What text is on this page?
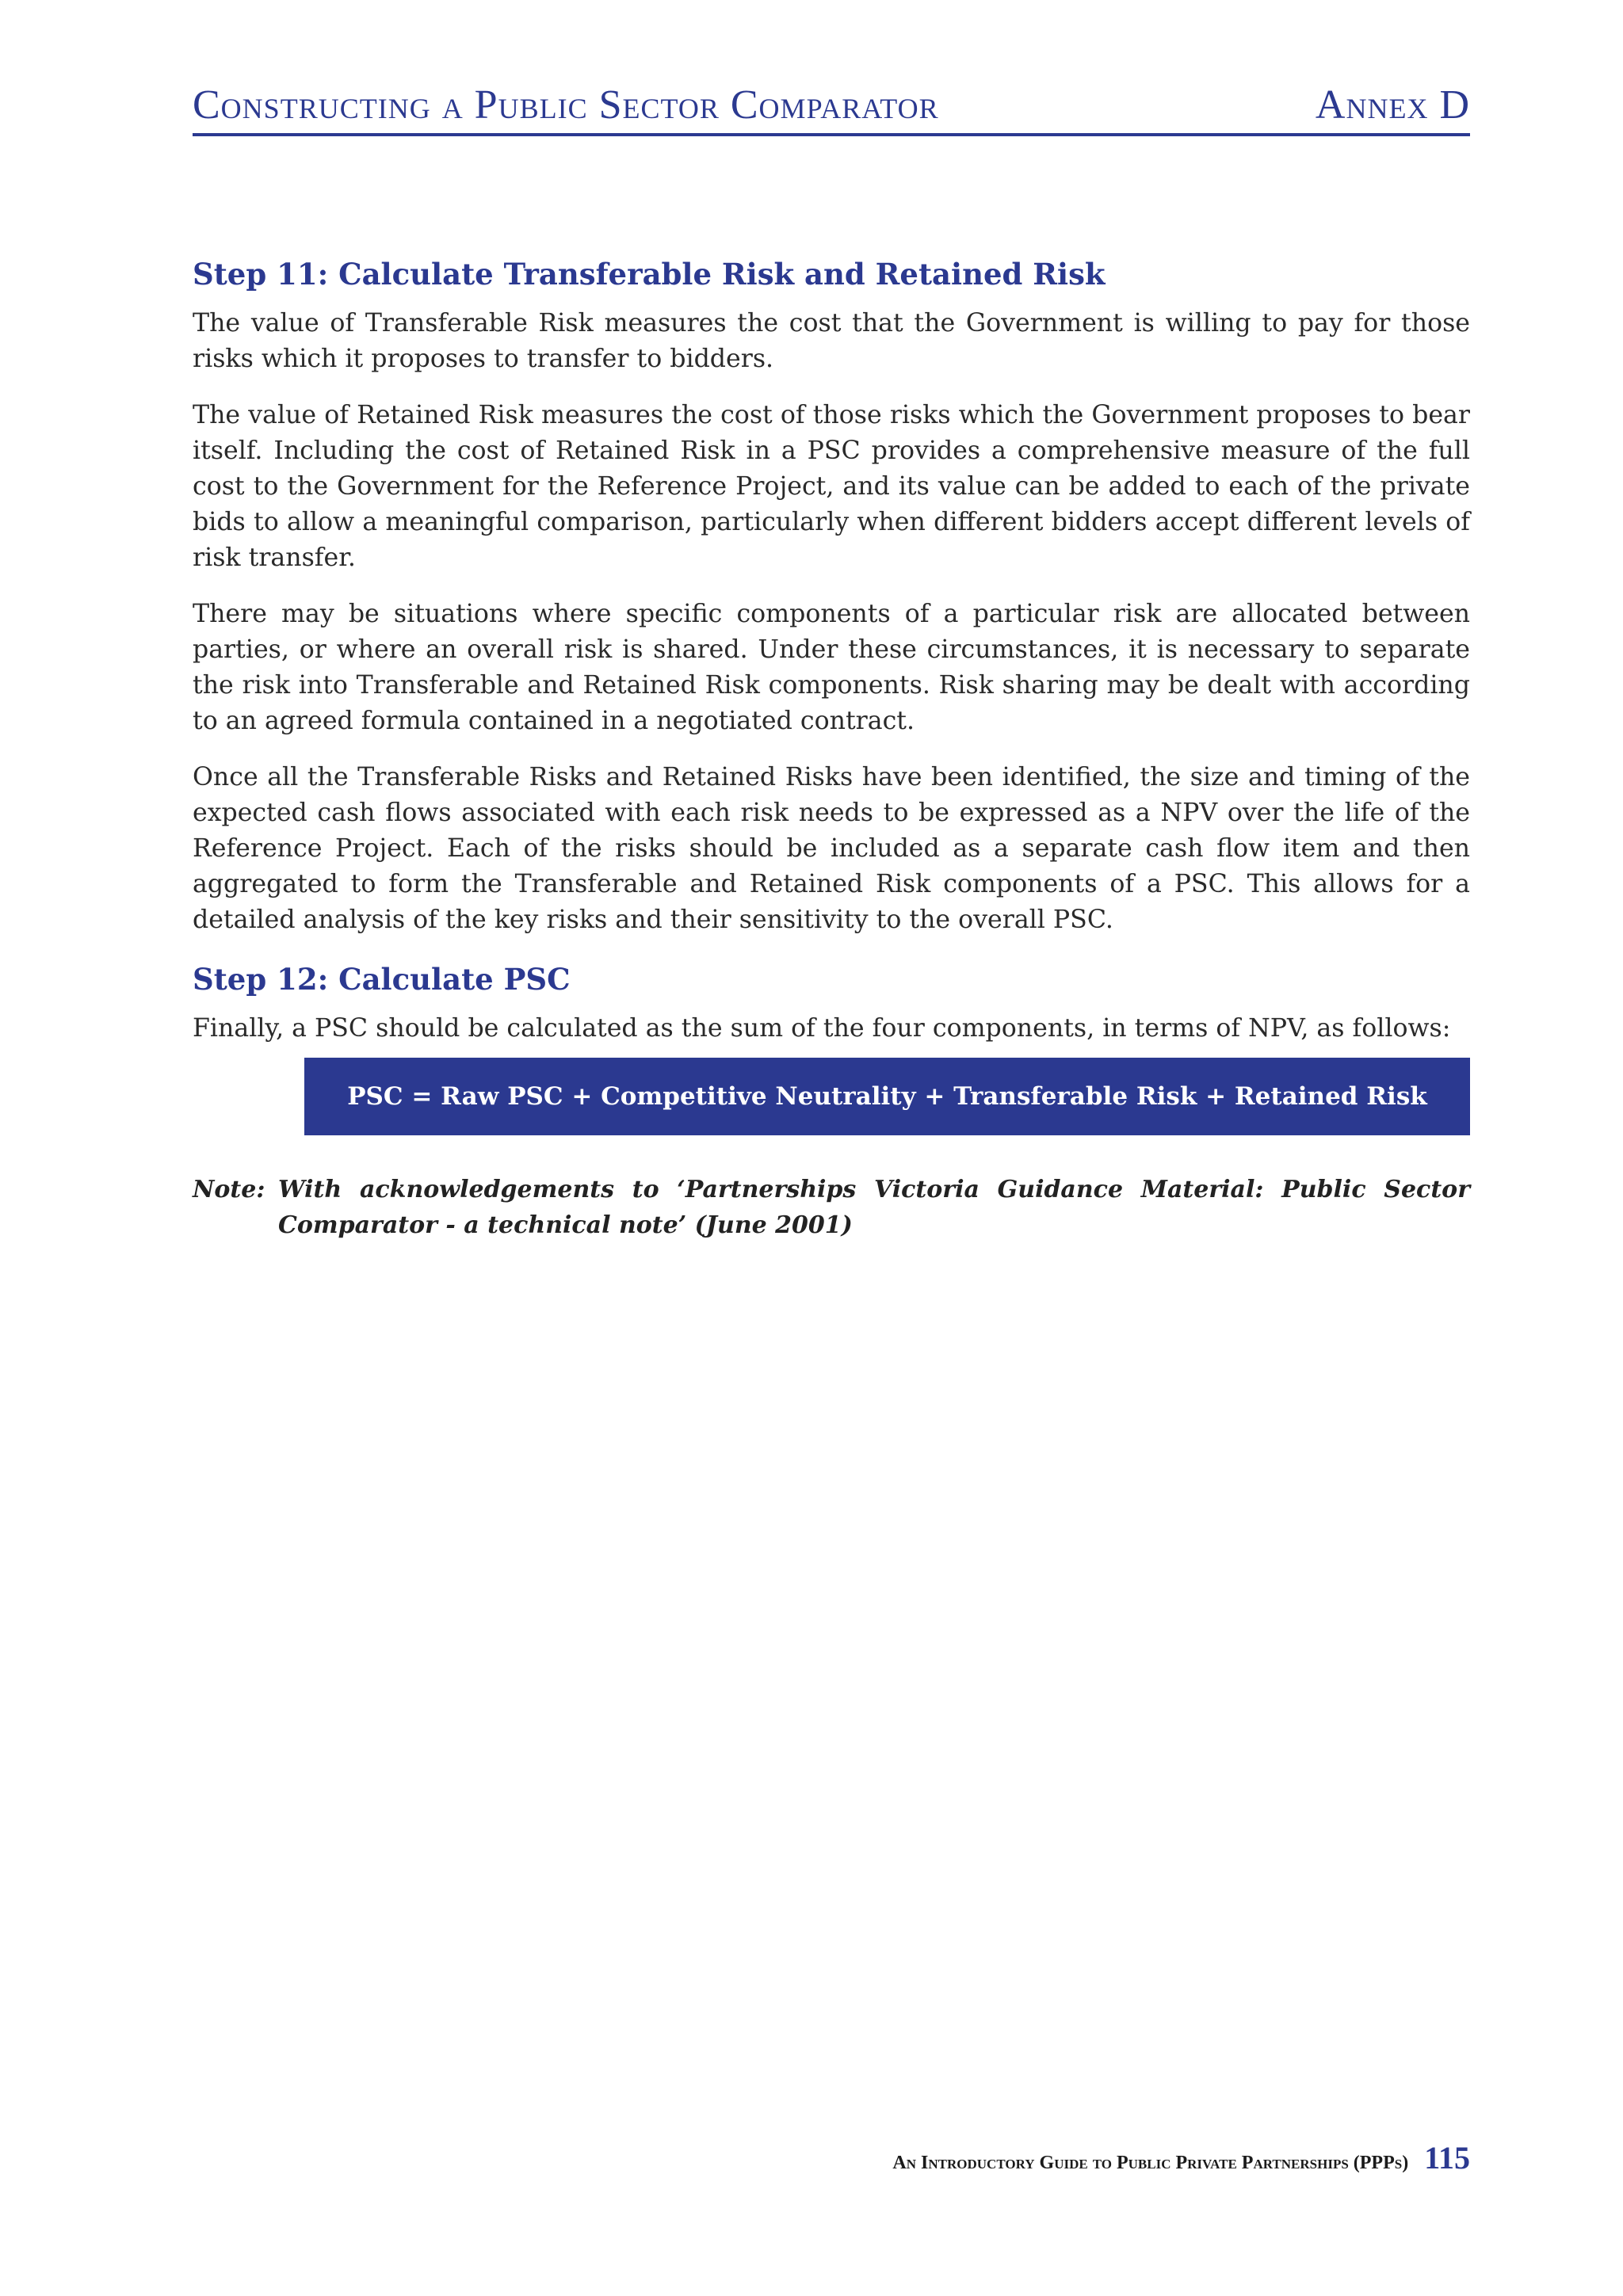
Constructing a Public Sector Comparator	Annex D
Step 11: Calculate Transferable Risk and Retained Risk

The value of Transferable Risk measures the cost that the Government is willing to pay for those risks which it proposes to transfer to bidders.

The value of Retained Risk measures the cost of those risks which the Government proposes to bear itself. Including the cost of Retained Risk in a PSC provides a comprehensive measure of the full cost to the Government for the Reference Project, and its value can be added to each of the private bids to allow a meaningful comparison, particularly when different bidders accept different levels of risk transfer.

There may be situations where specific components of a particular risk are allocated between parties, or where an overall risk is shared. Under these circumstances, it is necessary to separate the risk into Transferable and Retained Risk components. Risk sharing may be dealt with according to an agreed formula contained in a negotiated contract.

Once all the Transferable Risks and Retained Risks have been identified, the size and timing of the expected cash flows associated with each risk needs to be expressed as a NPV over the life of the Reference Project. Each of the risks should be included as a separate cash flow item and then aggregated to form the Transferable and Retained Risk components of a PSC. This allows for a detailed analysis of the key risks and their sensitivity to the overall PSC.

Step 12: Calculate PSC

Finally, a PSC should be calculated as the sum of the four components, in terms of NPV, as follows:

PSC = Raw PSC + Competitive Neutrality + Transferable Risk + Retained Risk
Note: With acknowledgements to ‘Partnerships Victoria Guidance Material: Public Sector Comparator - a technical note’ (June 2001)
An Introductory Guide to Public Private Partnerships (PPPs) 115
